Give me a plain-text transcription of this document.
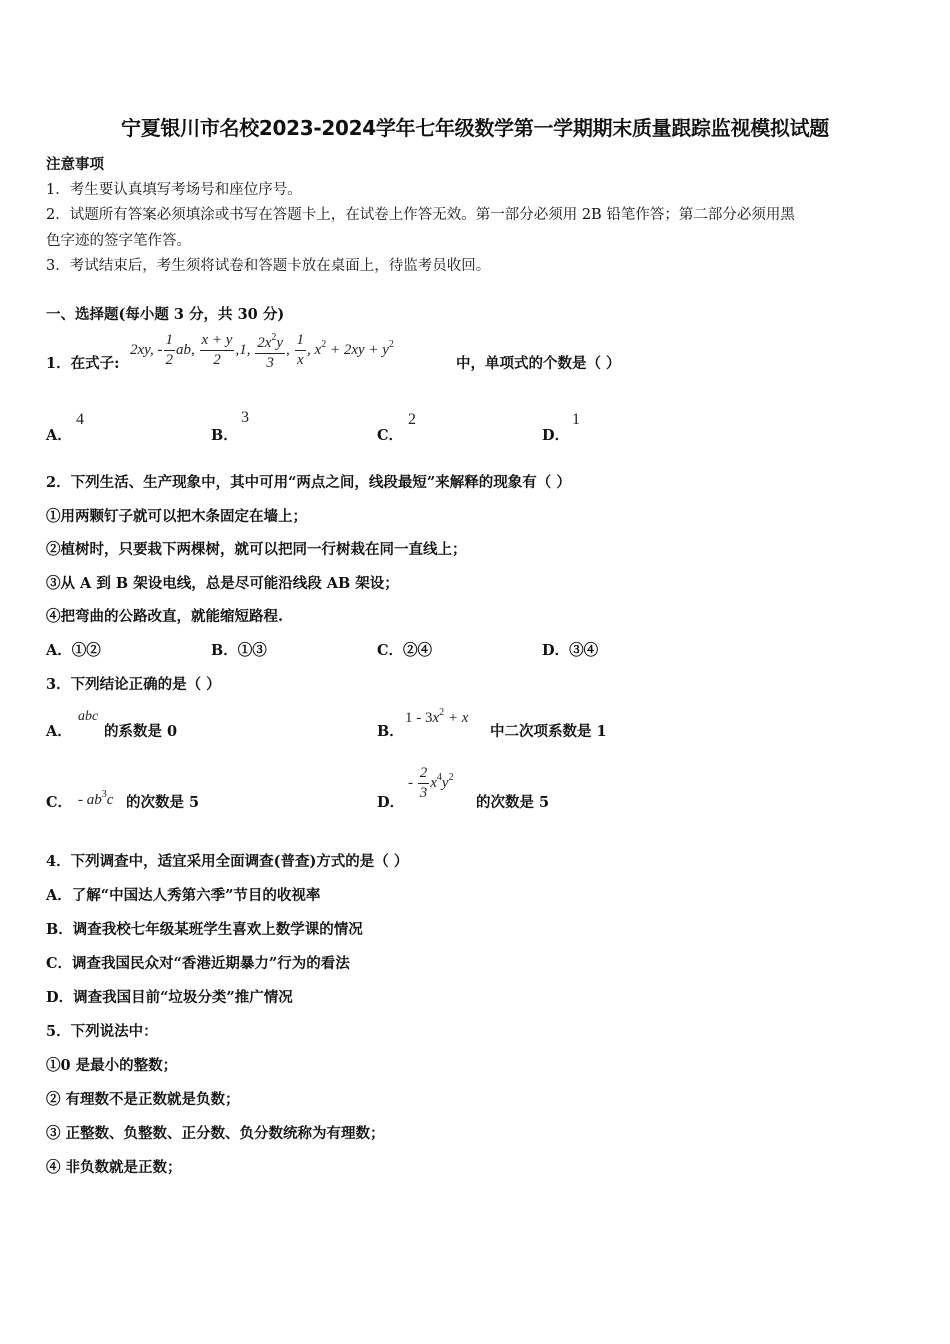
宁夏银川市名校2023-2024学年七年级数学第一学期期末质量跟踪监视模拟试题
注意事项
1．考生要认真填写考场号和座位序号。
2．试题所有答案必须填涂或书写在答题卡上，在试卷上作答无效。第一部分必须用 2B 铅笔作答；第二部分必须用黑
色字迹的签字笔作答。
3．考试结束后，考生须将试卷和答题卡放在桌面上，待监考员收回。
一、选择题(每小题 3 分，共 30 分)
1．在式子:
2xy, - $\frac{1}{2}$ ab, $\frac{x + y}{2} ,1$, $\frac{2x^2y}{3}$ , $\frac{1}{x}$ , $x^2 + 2xy + y^2$
中，单项式的个数是（ ）
A．
4
B．
3
C．
2
D．
1
2．下列生活、生产现象中，其中可用“两点之间，线段最短”来解释的现象有（ ）
①用两颗钉子就可以把木条固定在墙上；
②植树时，只要栽下两棵树，就可以把同一行树栽在同一直线上；
③从 A 到 B 架设电线，总是尽可能沿线段 AB 架设；
④把弯曲的公路改直，就能缩短路程.
A．①②	B．①③	C．②④	D．③④
3．下列结论正确的是（ ）
A．
abc
的系数是 0	B．
$1 - 3x^2 + x$
中二次项系数是 1
C． - $ab^3c$ 的次数是 5	D．
- $\frac{2}{3} x^4y^2$
的次数是 5
4．下列调查中，适宜采用全面调查(普查)方式的是（ ）
A．了解“中国达人秀第六季”节目的收视率
B．调查我校七年级某班学生喜欢上数学课的情况
C．调查我国民众对“香港近期暴力”行为的看法
D．调查我国目前“垃圾分类”推广情况
5．下列说法中：
①0 是最小的整数；
② 有理数不是正数就是负数；
③ 正整数、负整数、正分数、负分数统称为有理数；
④ 非负数就是正数；
